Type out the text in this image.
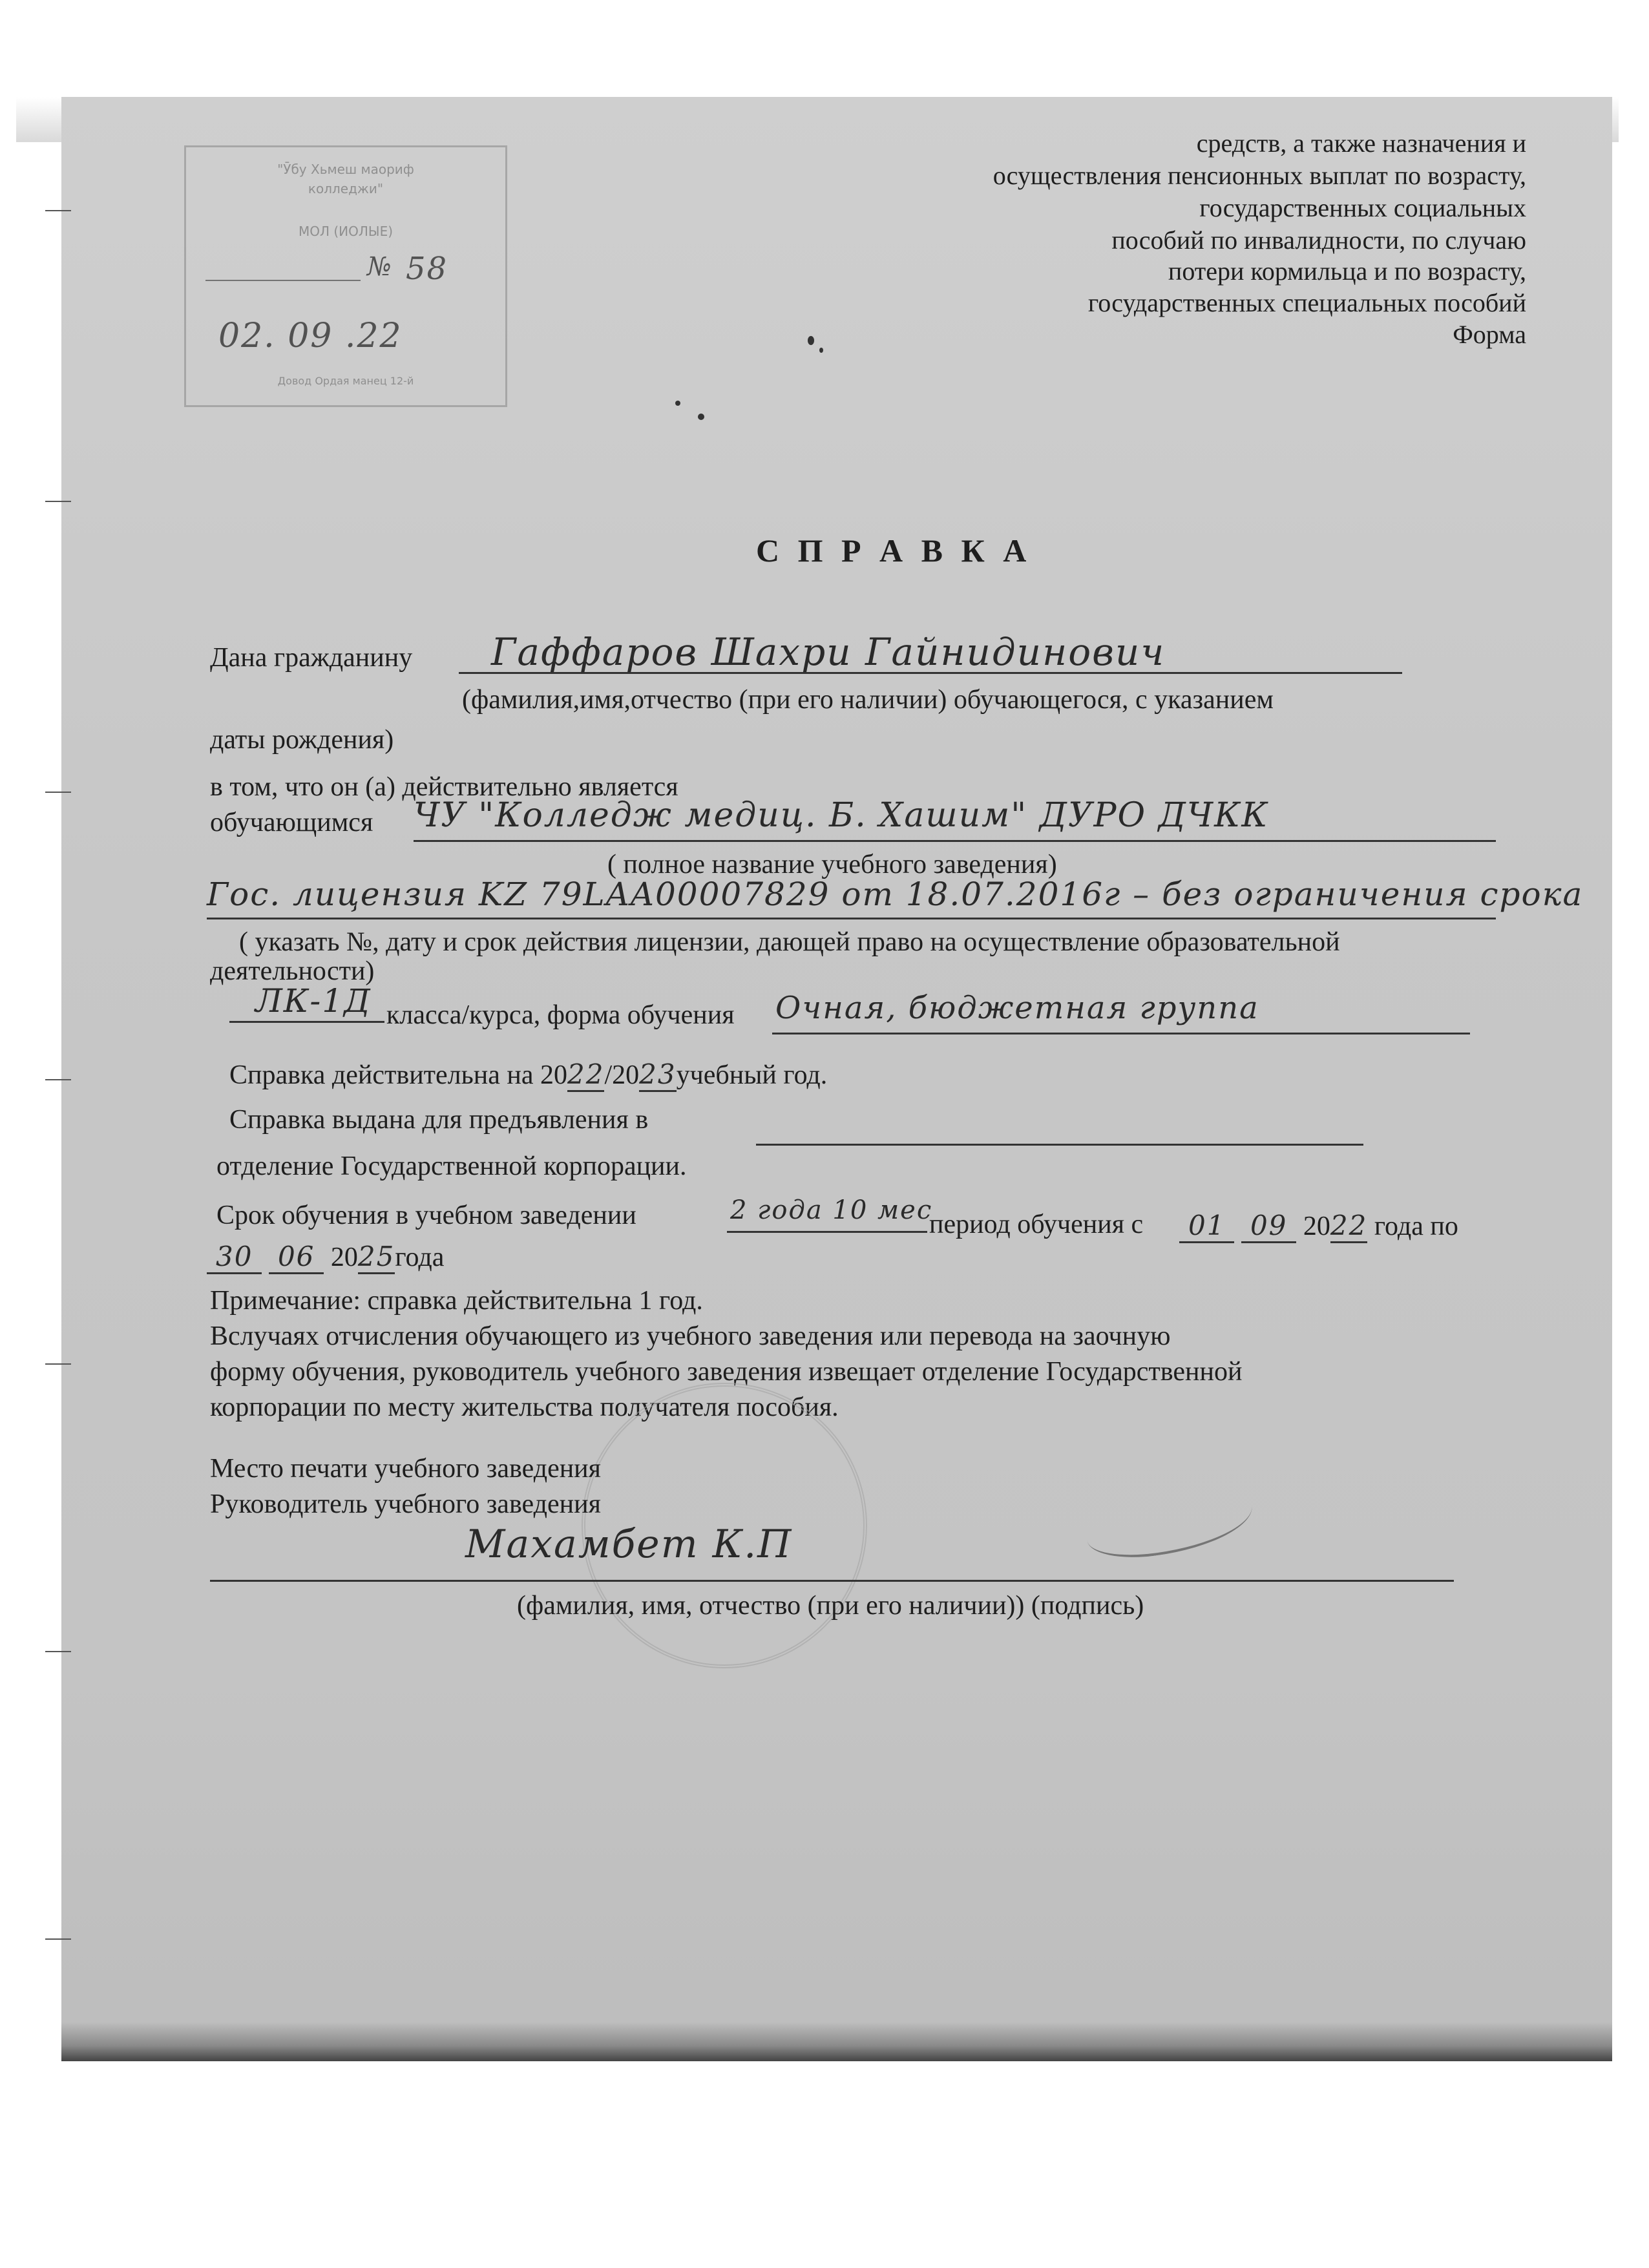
"Ӯбу Хьмеш маориф
колледжи"
МОЛ (ИОЛЫЕ)
№ 58
02. 09 .22
Довод Ордая манец 12-й
средств, а также назначения и
осуществления пенсионных выплат по возрасту,
государственных социальных
пособий по инвалидности, по случаю
потери кормильца и по возрасту,
государственных специальных пособий
Форма
С П Р А В К А
Дана гражданину Гаффаров Шахри Гайнидинович
(фамилия,имя,отчество (при его наличии) обучающегося, с указанием
даты рождения)
в том, что он (а) действительно является
обучающимся ЧУ "Колледж медиц. Б. Хашим" ДУРО ДЧКК
( полное название учебного заведения)
Гос. лицензия KZ 79LAA00007829 от 18.07.2016г – без ограничения срока
( указать №, дату и срок действия лицензии, дающей право на осуществление образовательной
деятельности)
ЛК-1Д класса/курса, форма обучения Очная, бюджетная группа
Справка действительна на 2022/2023учебный год.
Справка выдана для предъявления в
отделение Государственной корпорации.
Срок обучения в учебном заведении	2 года 10 мес
период обучения с	01 09 2022 года по
30 06 2025года
Примечание: справка действительна 1 год.
Вслучаях отчисления обучающего из учебного заведения или перевода на заочную
форму обучения, руководитель учебного заведения извещает отделение Государственной
корпорации по месту жительства получателя пособия.
Место печати учебного заведения
Руководитель учебного заведения
Махамбет К.П
(фамилия, имя, отчество (при его наличии)) (подпись)
